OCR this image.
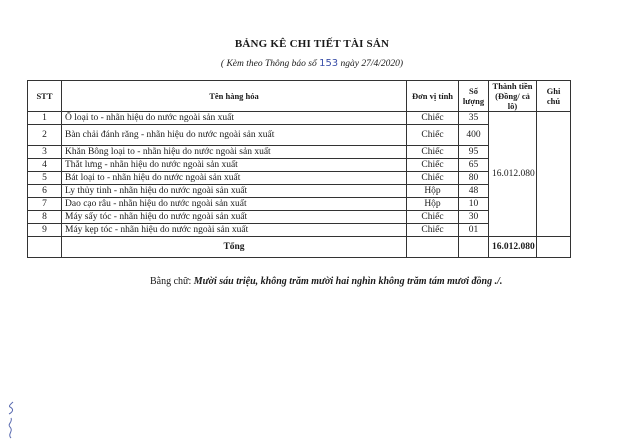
BẢNG KÊ CHI TIẾT TÀI SẢN
( Kèm theo Thông báo số 153 ngày 27/4/2020)
STT	Tên hàng hóa	Đơn vị tính	Số lượng	Thành tiền (Đồng/ cả lô)	Ghi chú
1	Ổ loại to - nhãn hiệu do nước ngoài sản xuất	Chiếc	35	16.012.080	
2	Bàn chải đánh răng - nhãn hiệu do nước ngoài sản xuất	Chiếc	400		
3	Khăn Bông loại to - nhãn hiệu do nước ngoài sản xuất	Chiếc	95		
4	Thắt lưng - nhãn hiệu do nước ngoài sản xuất	Chiếc	65		
5	Bát loại to - nhãn hiệu do nước ngoài sản xuất	Chiếc	80		
6	Ly thủy tinh - nhãn hiệu do nước ngoài sản xuất	Hộp	48		
7	Dao cạo râu - nhãn hiệu do nước ngoài sản xuất	Hộp	10		
8	Máy sấy tóc - nhãn hiệu do nước ngoài sản xuất	Chiếc	30		
9	Máy kẹp tóc - nhãn hiệu do nước ngoài sản xuất	Chiếc	01		
	Tổng			16.012.080	
Bằng chữ: Mười sáu triệu, không trăm mười hai nghìn không trăm tám mươi đồng ./.
